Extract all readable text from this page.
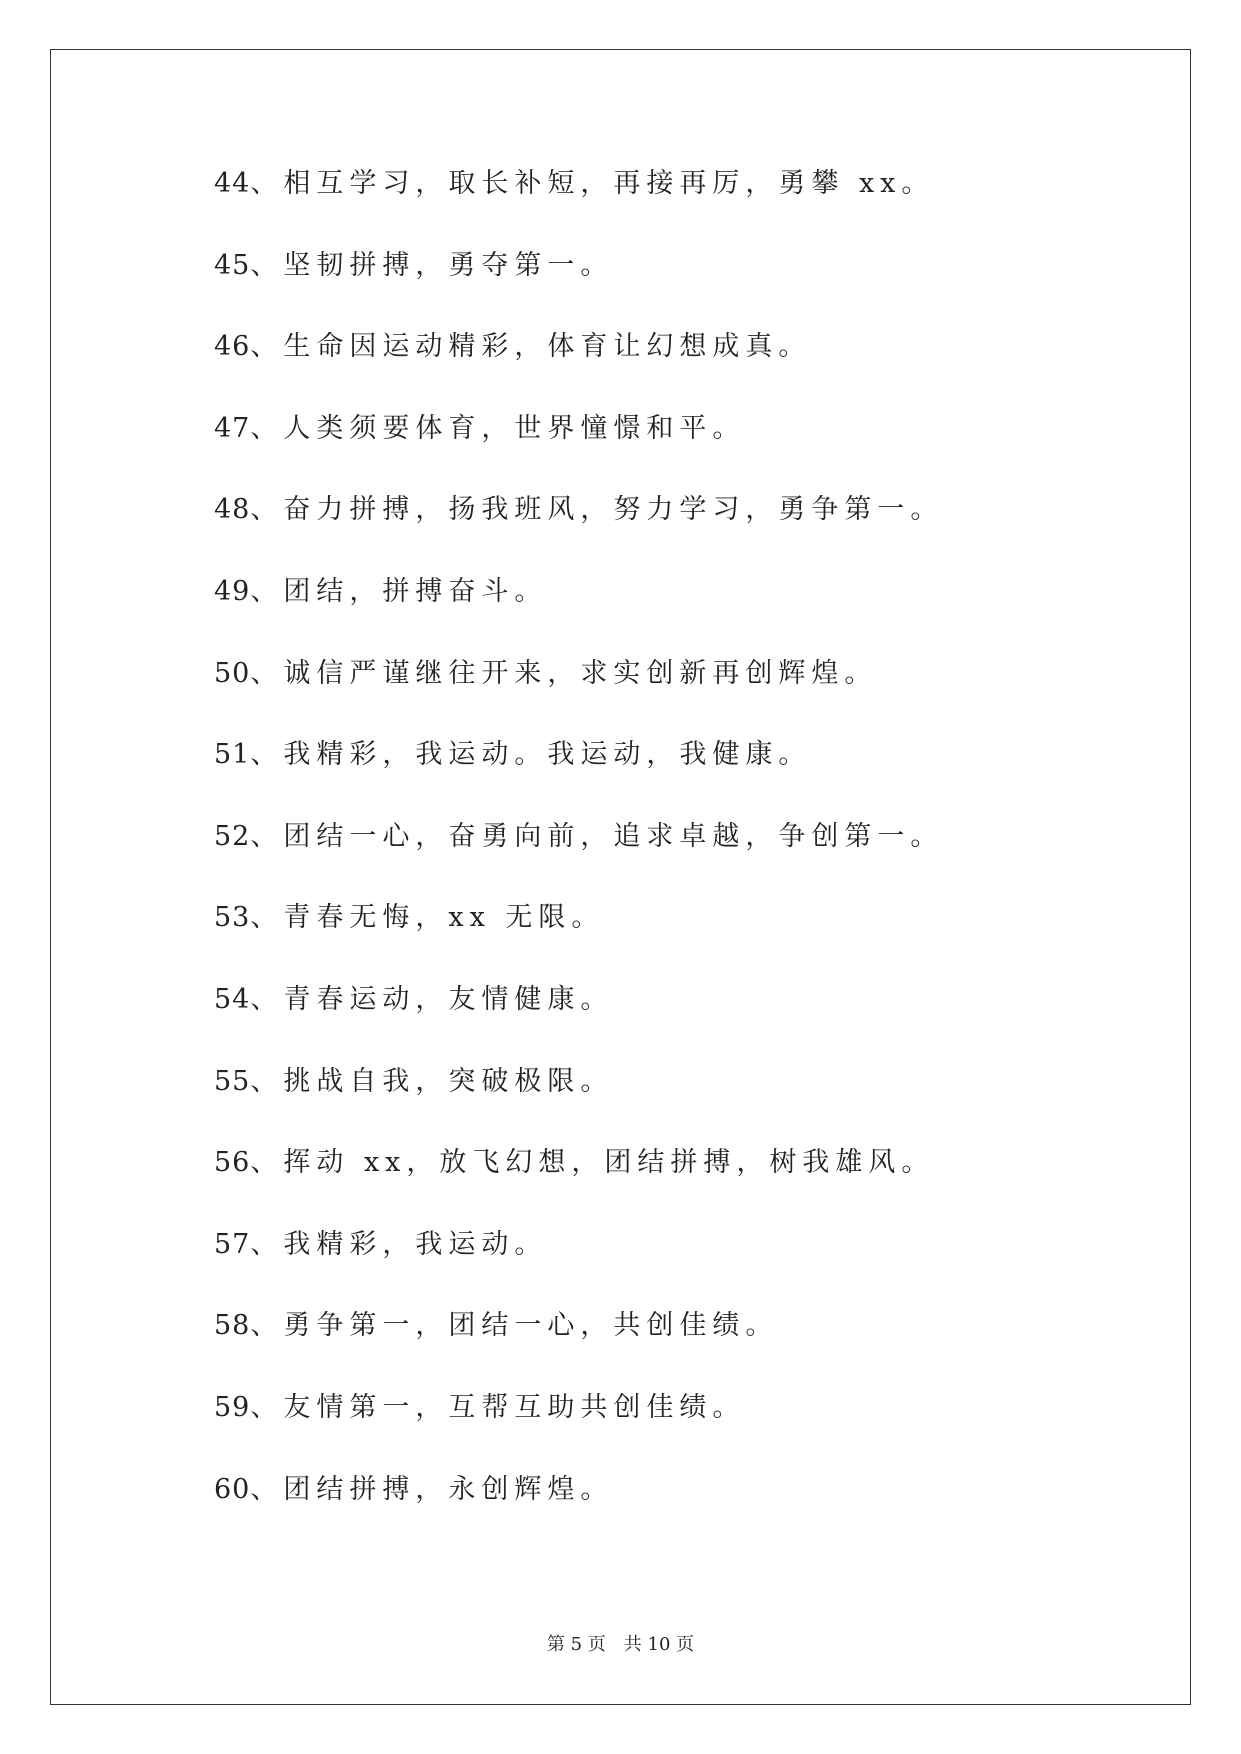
44 、 相互学习，取长补短，再接再厉，勇攀 xx。
45 、 坚韧拼搏，勇夺第一。
46 、 生命因运动精彩，体育让幻想成真。
47 、 人类须要体育，世界憧憬和平。
48 、 奋力拼搏，扬我班风，努力学习，勇争第一。
49 、 团结，拼搏奋斗。
50 、 诚信严谨继往开来，求实创新再创辉煌。
51 、 我精彩，我运动。我运动，我健康。
52 、 团结一心，奋勇向前，追求卓越，争创第一。
53 、 青春无悔，xx 无限。
54 、 青春运动，友情健康。
55 、 挑战自我，突破极限。
56 、 挥动 xx，放飞幻想，团结拼搏，树我雄风。
57 、 我精彩，我运动。
58 、 勇争第一，团结一心，共创佳绩。
59 、 友情第一，互帮互助共创佳绩。
60 、 团结拼搏，永创辉煌。
第 5 页 共 10 页
